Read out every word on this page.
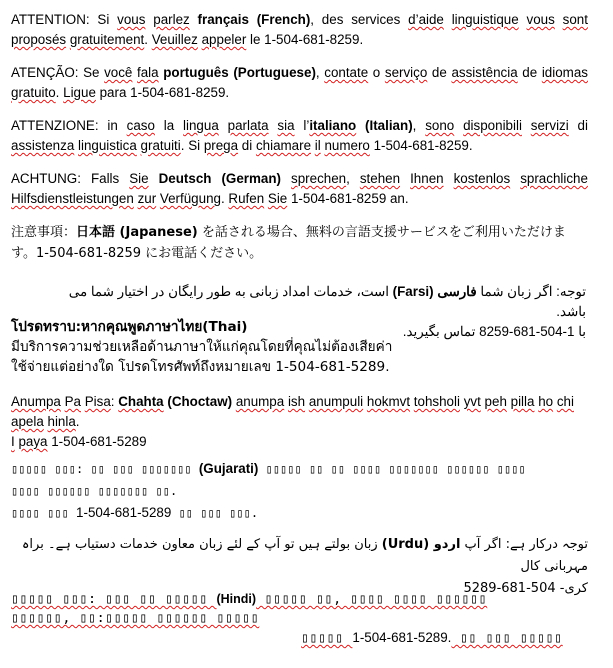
ATTENTION: Si vous parlez français (French), des services d’aide linguistique vous sont proposés gratuitement. Veuillez appeler le 1-504-681-8259.

ATENÇÃO: Se você fala português (Portuguese), contate o serviço de assistência de idiomas gratuito. Ligue para 1-504-681-8259.

ATTENZIONE: in caso la lingua parlata sia l’italiano (Italian), sono disponibili servizi di assistenza linguistica gratuiti. Si prega di chiamare il numero 1-504-681-8259.

ACHTUNG: Falls Sie Deutsch (German) sprechen, stehen Ihnen kostenlos sprachliche Hilfsdienstleistungen zur Verfügung. Rufen Sie 1-504-681-8259 an.

注意事項：日本語 (Japanese) を話される場合、無料の言語支援サービスをご利用いただけます。1-504-681-8259 にお電話ください。

توجه: اگر زبان شما فارسی (Farsi) است، خدمات امداد زبانی به طور رایگان در اختیار شما می باشد.
با 1-504-681-8259 تماس بگیرید.

โปรดทราบ:หากคุณพูดภาษาไทย(Thai)
มีบริการความช่วยเหลือด้านภาษาให้แก่คุณโดยที่คุณไม่ต้องเสียค่า
ใช้จ่ายแต่อย่างใด โปรดโทรศัพท์ถึงหมายเลข 1-504-681-5289.

Anumpa Pa Pisa: Chahta (Choctaw) anumpa ish anumpuli hokmvt tohsholi yvt peh pilla ho chi apela hinla.
I paya 1-504-681-5289

▯▯▯▯▯ ▯▯▯: ▯▯ ▯▯▯ ▯▯▯▯▯▯▯ (Gujarati) ▯▯▯▯▯ ▯▯ ▯▯ ▯▯▯▯ ▯▯▯▯▯▯▯ ▯▯▯▯▯▯ ▯▯▯▯
▯▯▯▯ ▯▯▯▯▯▯ ▯▯▯▯▯▯▯ ▯▯.
▯▯▯▯ ▯▯▯ 1-504-681-5289 ▯▯ ▯▯▯ ▯▯▯.

توجہ درکار ہے: اگر آپ اردو (Urdu) زبان بولتے ہیں تو آپ کے لئے زبان معاون خدمات دستیاب ہے۔ براہ مہربانی کال
کری- 504-681-5289

▯▯▯▯▯ ▯▯▯: ▯▯▯ ▯▯ ▯▯▯▯▯ (Hindi) ▯▯▯▯▯ ▯▯, ▯▯▯▯ ▯▯▯▯ ▯▯▯▯▯▯
▯▯▯▯▯▯, ▯▯:▯▯▯▯▯ ▯▯▯▯▯▯ ▯▯▯▯▯
▯▯▯▯▯ 1-504-681-5289. ▯▯ ▯▯▯ ▯▯▯▯▯
